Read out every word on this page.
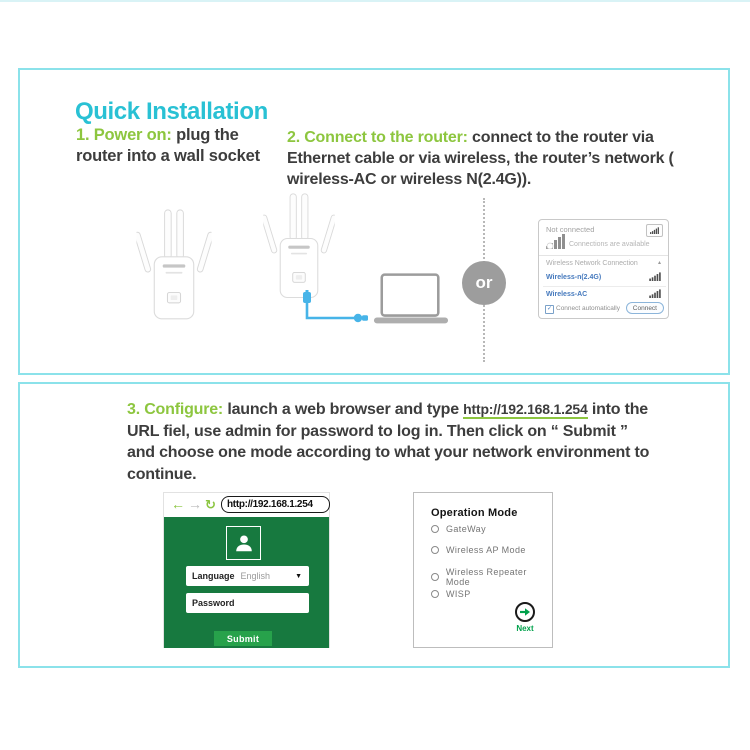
Quick Installation

1. Power on: plug the router into a wall socket

2. Connect to the router: connect to the router via Ethernet cable or via wireless, the router’s network ( wireless-AC or wireless N(2.4G)).

or
Not connected
Connections are available
Wireless Network Connection	▴
Wireless-n(2.4G)
Wireless-AC
✓ Connect automatically	Connect

3. Configure: launch a web browser and type http://192.168.1.254 into the URL fiel, use admin for password to log in. Then click on “ Submit ” and choose one mode according to what your network environment to continue.

← → ↻	http://192.168.1.254
Language English	▼
Password
Submit
Operation Mode
GateWay
Wireless AP Mode
Wireless Repeater Mode
WISP
Next
